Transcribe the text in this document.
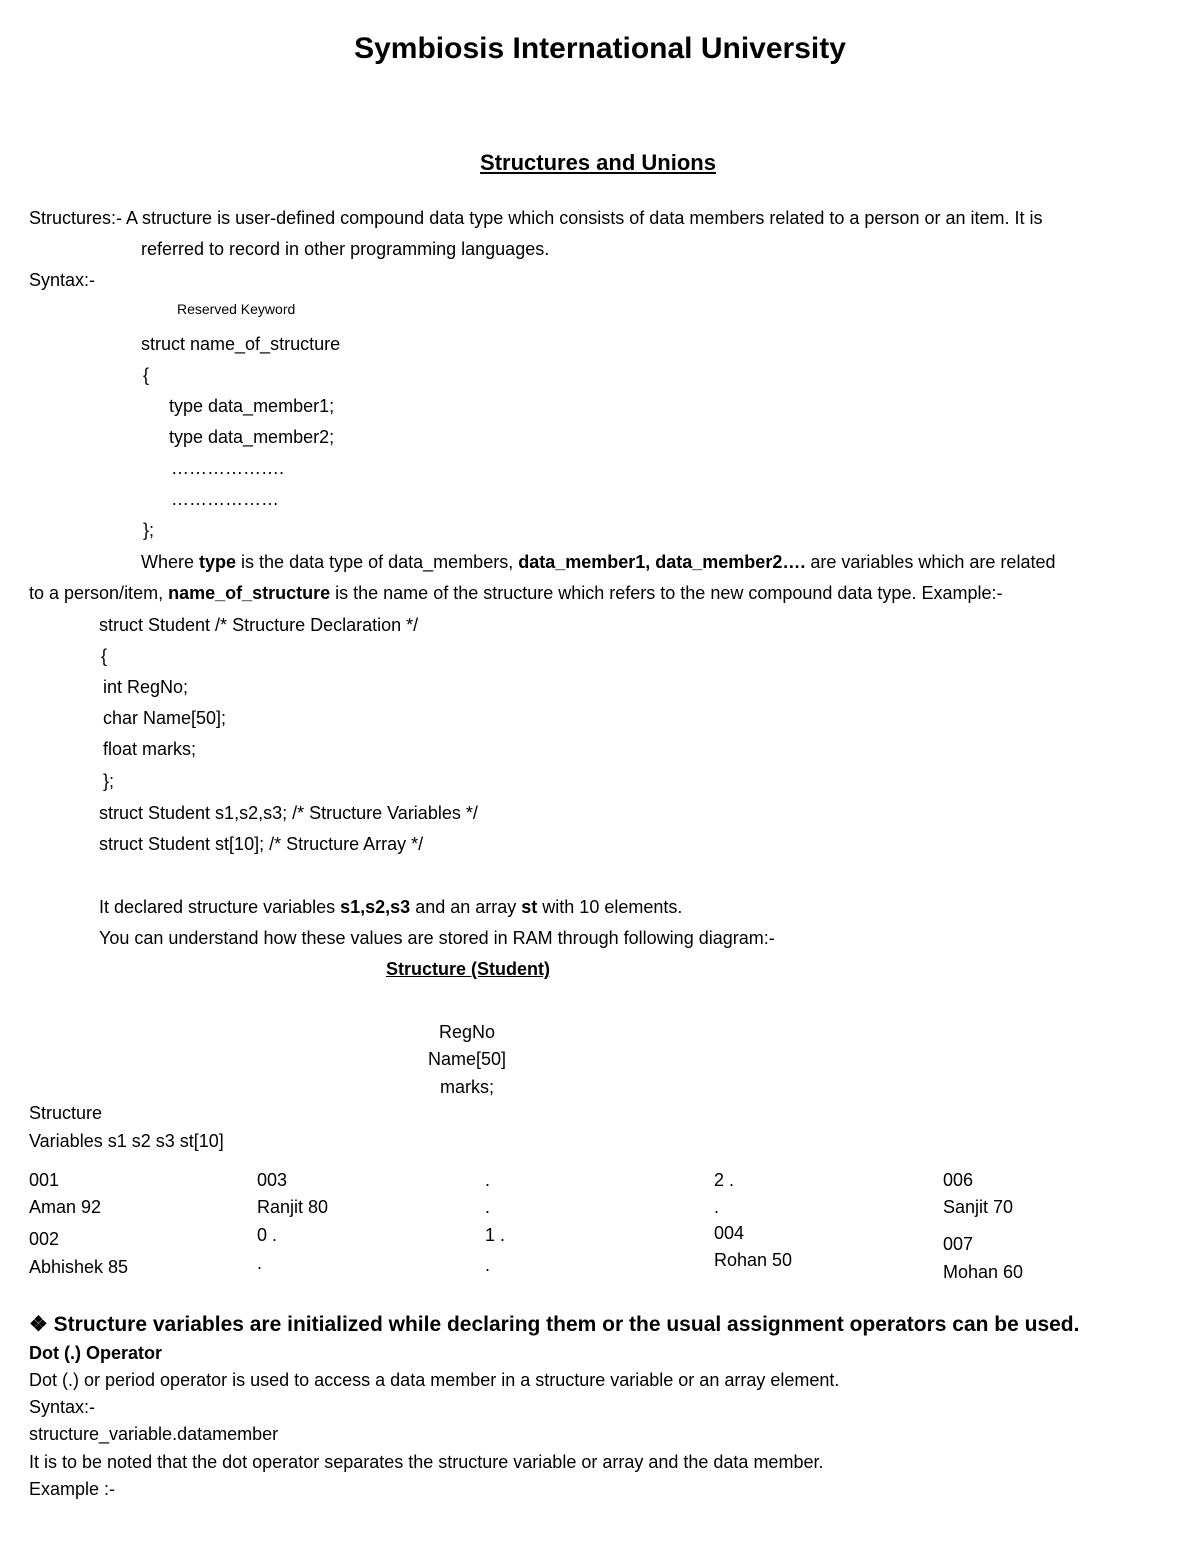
Symbiosis International University
Structures and Unions
Structures:- A structure is user-defined compound data type which consists of data members related to a person or an item. It is
referred to record in other programming languages.
Syntax:-
Reserved Keyword
struct name_of_structure
{
type data_member1;
type data_member2;
……………….
………………
};
Where type is the data type of data_members, data_member1, data_member2…. are variables which are related
to a person/item, name_of_structure is the name of the structure which refers to the new compound data type. Example:-
struct Student /* Structure Declaration */
{
int RegNo;
char Name[50];
float marks;
};
struct Student s1,s2,s3; /* Structure Variables */
struct Student st[10]; /* Structure Array */
It declared structure variables s1,s2,s3 and an array st with 10 elements.
You can understand how these values are stored in RAM through following diagram:-
Structure (Student)
RegNo
Name[50]
marks;
Structure
Variables s1 s2 s3 st[10]
001
Aman 92
002
Abhishek 85
003
Ranjit 80
0 .
.
.
.
1 .
.
2 .
.
004
Rohan 50
006
Sanjit 70
007
Mohan 60
❖ Structure variables are initialized while declaring them or the usual assignment operators can be used.
Dot (.) Operator
Dot (.) or period operator is used to access a data member in a structure variable or an array element.
Syntax:-
structure_variable.datamember
It is to be noted that the dot operator separates the structure variable or array and the data member.
Example :-
